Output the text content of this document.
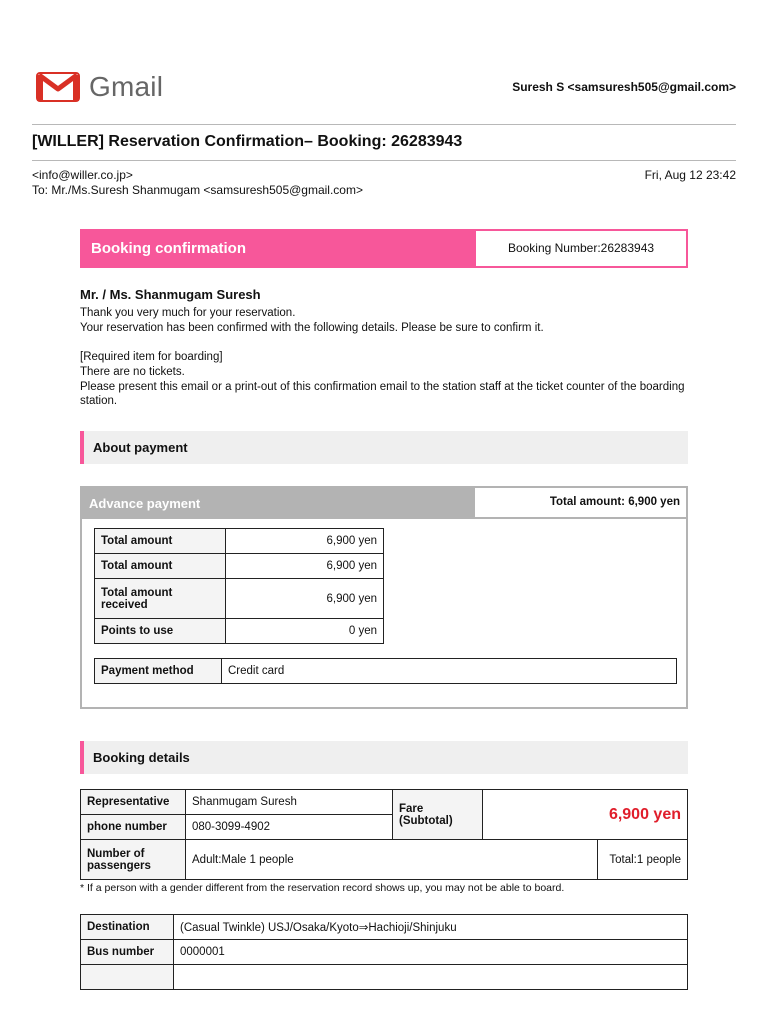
Gmail	Suresh S <samsuresh505@gmail.com>
[WILLER] Reservation Confirmation– Booking: 26283943
<info@willer.co.jp>	Fri, Aug 12 23:42
To: Mr./Ms.Suresh Shanmugam <samsuresh505@gmail.com>
Booking confirmation	Booking Number:26283943
Mr. / Ms. Shanmugam Suresh

Thank you very much for your reservation.

Your reservation has been confirmed with the following details. Please be sure to confirm it.

[Required item for boarding]

There are no tickets.

Please present this email or a print-out of this confirmation email to the station staff at the ticket counter of the boarding station.

About payment
Advance payment	Total amount: 6,900 yen
Total amount	6,900 yen
Total amount	6,900 yen
Total amount received	6,900 yen
Points to use	0 yen
Payment method	Credit card
Booking details
Representative	Shanmugam Suresh	Fare (Subtotal)	6,900 yen	
phone number	080-3099-4902			
Number of passengers	Adult:Male 1 people			Total:1 people
* If a person with a gender different from the reservation record shows up, you may not be able to board.
Destination	(Casual Twinkle) USJ/Osaka/Kyoto⇒Hachioji/Shinjuku
Bus number	0000001
